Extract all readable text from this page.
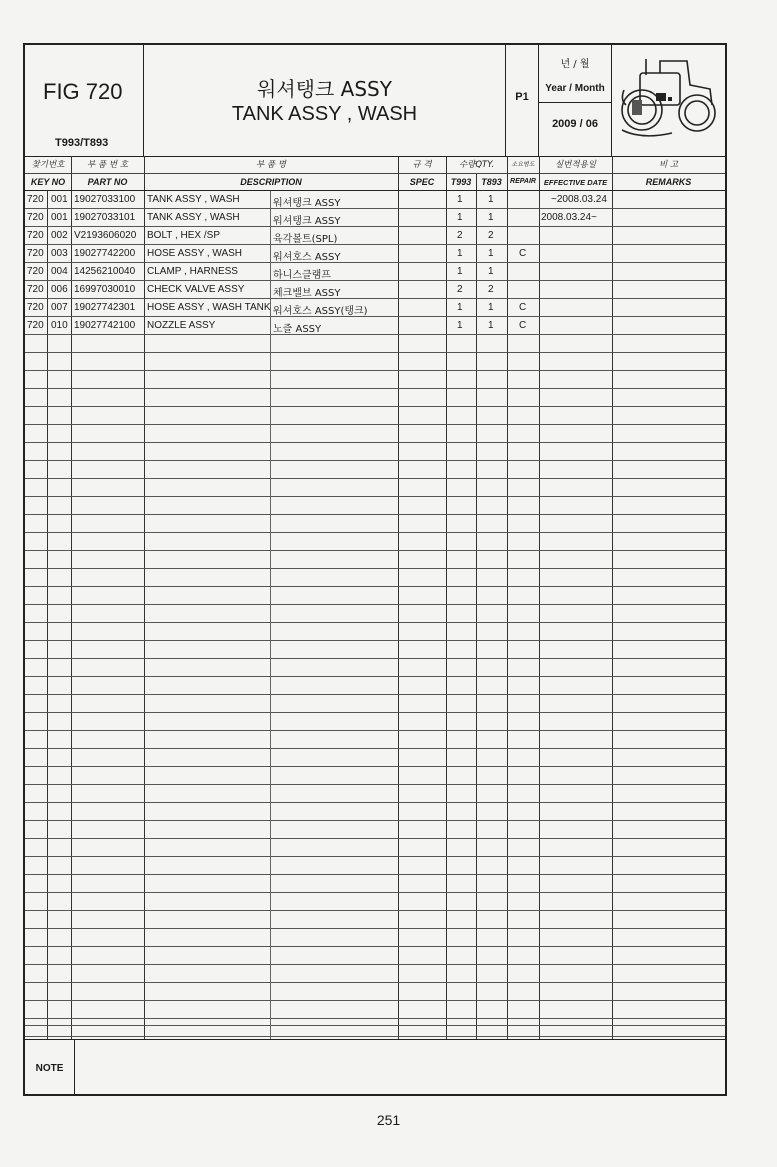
FIG 720
T993/T893
워셔탱크 ASSY
TANK ASSY , WASH
P1
년 / 월
Year / Month
2009 / 06
찾기번호
KEY NO
부 품 번 호
PART NO
부 품 명
DESCRIPTION
규 격
SPEC
수량QTY.
T993	T893
소요범도
REPAIR
실번적용일
EFFECTIVE DATE
비 고
REMARKS
720 001 19027033100 TANK ASSY , WASH	워셔탱크 ASSY	1	1	~2008.03.24
720 001 19027033101 TANK ASSY , WASH	워셔탱크 ASSY	1	1	2008.03.24~
720 002 V2193606020 BOLT , HEX /SP	육각볼트(SPL)	2	2
720 003 19027742200 HOSE ASSY , WASH	워셔호스 ASSY	1	1	C
720 004 14256210040 CLAMP , HARNESS	하니스클램프	1	1
720 006 16997030010 CHECK VALVE ASSY	체크밸브 ASSY	2	2
720 007 19027742301 HOSE ASSY , WASH TANK 워셔호스 ASSY(탱크)	1	1	C
720 010 19027742100 NOZZLE ASSY	노즐 ASSY	1	1	C
NOTE
251
